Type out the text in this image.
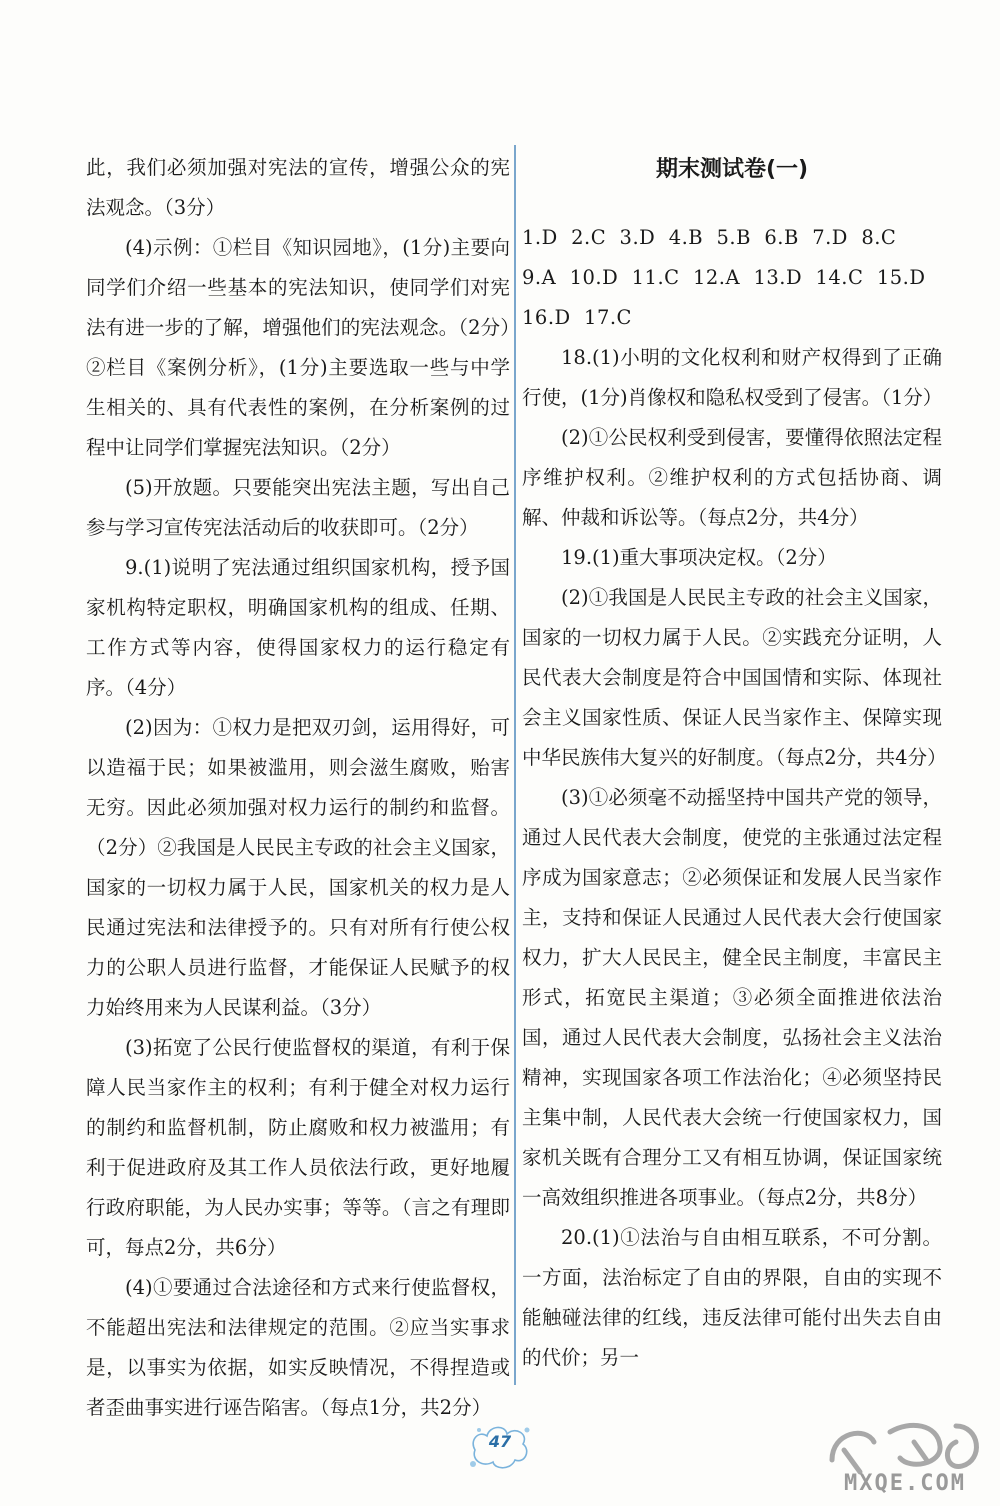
此，我们必须加强对宪法的宣传，增强公众的宪法观念。（3分）

(4)示例：①栏目《知识园地》，(1分)主要向同学们介绍一些基本的宪法知识，使同学们对宪法有进一步的了解，增强他们的宪法观念。（2分）②栏目《案例分析》，(1分)主要选取一些与中学生相关的、具有代表性的案例，在分析案例的过程中让同学们掌握宪法知识。（2分）

(5)开放题。只要能突出宪法主题，写出自己参与学习宣传宪法活动后的收获即可。（2分）

9.(1)说明了宪法通过组织国家机构，授予国家机构特定职权，明确国家机构的组成、任期、工作方式等内容，使得国家权力的运行稳定有序。（4分）

(2)因为：①权力是把双刃剑，运用得好，可以造福于民；如果被滥用，则会滋生腐败，贻害无穷。因此必须加强对权力运行的制约和监督。（2分）②我国是人民民主专政的社会主义国家，国家的一切权力属于人民，国家机关的权力是人民通过宪法和法律授予的。只有对所有行使公权力的公职人员进行监督，才能保证人民赋予的权力始终用来为人民谋利益。（3分）

(3)拓宽了公民行使监督权的渠道，有利于保障人民当家作主的权利；有利于健全对权力运行的制约和监督机制，防止腐败和权力被滥用；有利于促进政府及其工作人员依法行政，更好地履行政府职能，为人民办实事；等等。（言之有理即可，每点2分，共6分）

(4)①要通过合法途径和方式来行使监督权，不能超出宪法和法律规定的范围。②应当实事求是，以事实为依据，如实反映情况，不得捏造或者歪曲事实进行诬告陷害。（每点1分，共2分）

期末测试卷(一)

1.D  2.C  3.D  4.B  5.B  6.B  7.D  8.C

9.A  10.D  11.C  12.A  13.D  14.C  15.D

16.D  17.C

18.(1)小明的文化权利和财产权得到了正确行使，(1分)肖像权和隐私权受到了侵害。（1分）

(2)①公民权利受到侵害，要懂得依照法定程序维护权利。②维护权利的方式包括协商、调解、仲裁和诉讼等。（每点2分，共4分）

19.(1)重大事项决定权。（2分）

(2)①我国是人民民主专政的社会主义国家，国家的一切权力属于人民。②实践充分证明，人民代表大会制度是符合中国国情和实际、体现社会主义国家性质、保证人民当家作主、保障实现中华民族伟大复兴的好制度。（每点2分，共4分）

(3)①必须毫不动摇坚持中国共产党的领导，通过人民代表大会制度，使党的主张通过法定程序成为国家意志；②必须保证和发展人民当家作主，支持和保证人民通过人民代表大会行使国家权力，扩大人民民主，健全民主制度，丰富民主形式，拓宽民主渠道；③必须全面推进依法治国，通过人民代表大会制度，弘扬社会主义法治精神，实现国家各项工作法治化；④必须坚持民主集中制，人民代表大会统一行使国家权力，国家机关既有合理分工又有相互协调，保证国家统一高效组织推进各项事业。（每点2分，共8分）

20.(1)①法治与自由相互联系，不可分割。一方面，法治标定了自由的界限，自由的实现不能触碰法律的红线，违反法律可能付出失去自由的代价；另一

47
MXQE.COM
